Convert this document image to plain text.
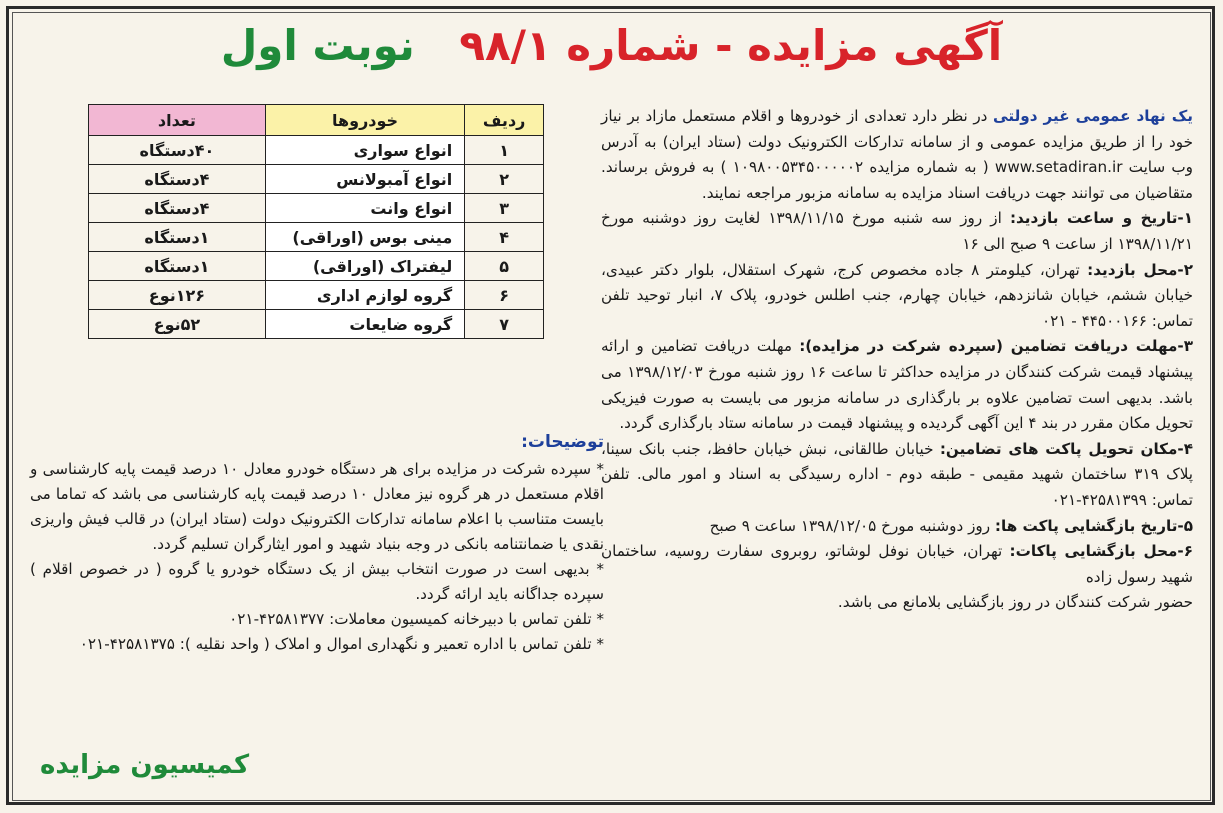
آگهی مزایده - شماره ۹۸/۱ نوبت اول

یک نهاد عمومی غیر دولتی در نظر دارد تعدادی از خودروها و اقلام مستعمل مازاد بر نیاز خود را از طریق مزایده عمومی و از سامانه تدارکات الکترونیک دولت (ستاد ایران) به آدرس وب سایت www.setadiran.ir ( به شماره مزایده ۱۰۹۸۰۰۵۳۴۵۰۰۰۰۰۲ ) به فروش برساند. متقاضیان می توانند جهت دریافت اسناد مزایده به سامانه مزبور مراجعه نمایند.

۱-تاریخ و ساعت بازدید: از روز سه شنبه مورخ ۱۳۹۸/۱۱/۱۵ لغایت روز دوشنبه مورخ ۱۳۹۸/۱۱/۲۱ از ساعت ۹ صبح الی ۱۶

۲-محل بازدید: تهران، کیلومتر ۸ جاده مخصوص کرج، شهرک استقلال، بلوار دکتر عبیدی، خیابان ششم، خیابان شانزدهم، خیابان چهارم، جنب اطلس خودرو، پلاک ۷، انبار توحید تلفن تماس: ۴۴۵۰۰۱۶۶ - ۰۲۱

۳-مهلت دریافت تضامین (سپرده شرکت در مزایده): مهلت دریافت تضامین و ارائه پیشنهاد قیمت شرکت کنندگان در مزایده حداکثر تا ساعت ۱۶ روز شنبه مورخ ۱۳۹۸/۱۲/۰۳ می باشد. بدیهی است تضامین علاوه بر بارگذاری در سامانه مزبور می بایست به صورت فیزیکی تحویل مکان مقرر در بند ۴ این آگهی گردیده و پیشنهاد قیمت در سامانه ستاد بارگذاری گردد.

۴-مکان تحویل پاکت های تضامین: خیابان طالقانی، نبش خیابان حافظ، جنب بانک سینا، پلاک ۳۱۹ ساختمان شهید مقیمی - طبقه دوم - اداره رسیدگی به اسناد و امور مالی. تلفن تماس: ۴۲۵۸۱۳۹۹-۰۲۱

۵-تاریخ بازگشایی پاکت ها: روز دوشنبه مورخ ۱۳۹۸/۱۲/۰۵ ساعت ۹ صبح

۶-محل بازگشایی پاکات: تهران، خیابان نوفل لوشاتو، روبروی سفارت روسیه، ساختمان شهید رسول زاده

حضور شرکت کنندگان در روز بازگشایی بلامانع می باشد.

ردیف	خودروها	تعداد
۱	انواع سواری	۴۰دستگاه
۲	انواع آمبولانس	۴دستگاه
۳	انواع وانت	۴دستگاه
۴	مینی بوس (اوراقی)	۱دستگاه
۵	لیفتراک (اوراقی)	۱دستگاه
۶	گروه لوازم اداری	۱۲۶نوع
۷	گروه ضایعات	۵۲نوع
توضیحات:

* سپرده شرکت در مزایده برای هر دستگاه خودرو معادل ۱۰ درصد قیمت پایه کارشناسی و اقلام مستعمل در هر گروه نیز معادل ۱۰ درصد قیمت پایه کارشناسی می باشد که تماما می بایست متناسب با اعلام سامانه تدارکات الکترونیک دولت (ستاد ایران) در قالب فیش واریزی نقدی یا ضمانتنامه بانکی در وجه بنیاد شهید و امور ایثارگران تسلیم گردد.

* بدیهی است در صورت انتخاب بیش از یک دستگاه خودرو یا گروه ( در خصوص اقلام ) سپرده جداگانه باید ارائه گردد.

* تلفن تماس با دبیرخانه کمیسیون معاملات: ۴۲۵۸۱۳۷۷-۰۲۱

* تلفن تماس با اداره تعمیر و نگهداری اموال و املاک ( واحد نقلیه ): ۴۲۵۸۱۳۷۵-۰۲۱

کمیسیون مزایده
